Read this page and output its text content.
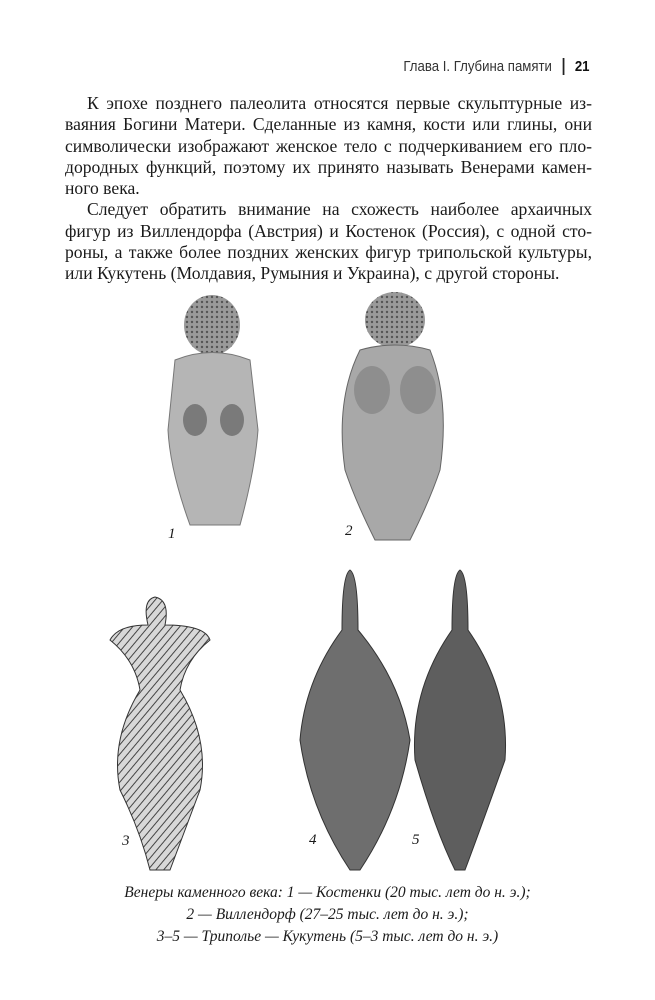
Глава I. Глубина памяти 21
К эпохе позднего палеолита относятся первые скульптурные из-
ваяния Богини Матери. Сделанные из камня, кости или глины, они
символически изображают женское тело с подчеркиванием его пло-
дородных функций, поэтому их принято называть Венерами камен-
ного века.
Следует обратить внимание на схожесть наиболее архаичных
фигур из Виллендорфа (Австрия) и Костенок (Россия), с одной сто-
роны, а также более поздних женских фигур трипольской культуры,
или Кукутень (Молдавия, Румыния и Украина), с другой стороны.
1	2
3	4	5
Венеры каменного века: 1 — Костенки (20 тыс. лет до н. э.);
2 — Виллендорф (27–25 тыс. лет до н. э.);
3–5 — Триполье — Кукутень (5–3 тыс. лет до н. э.)
